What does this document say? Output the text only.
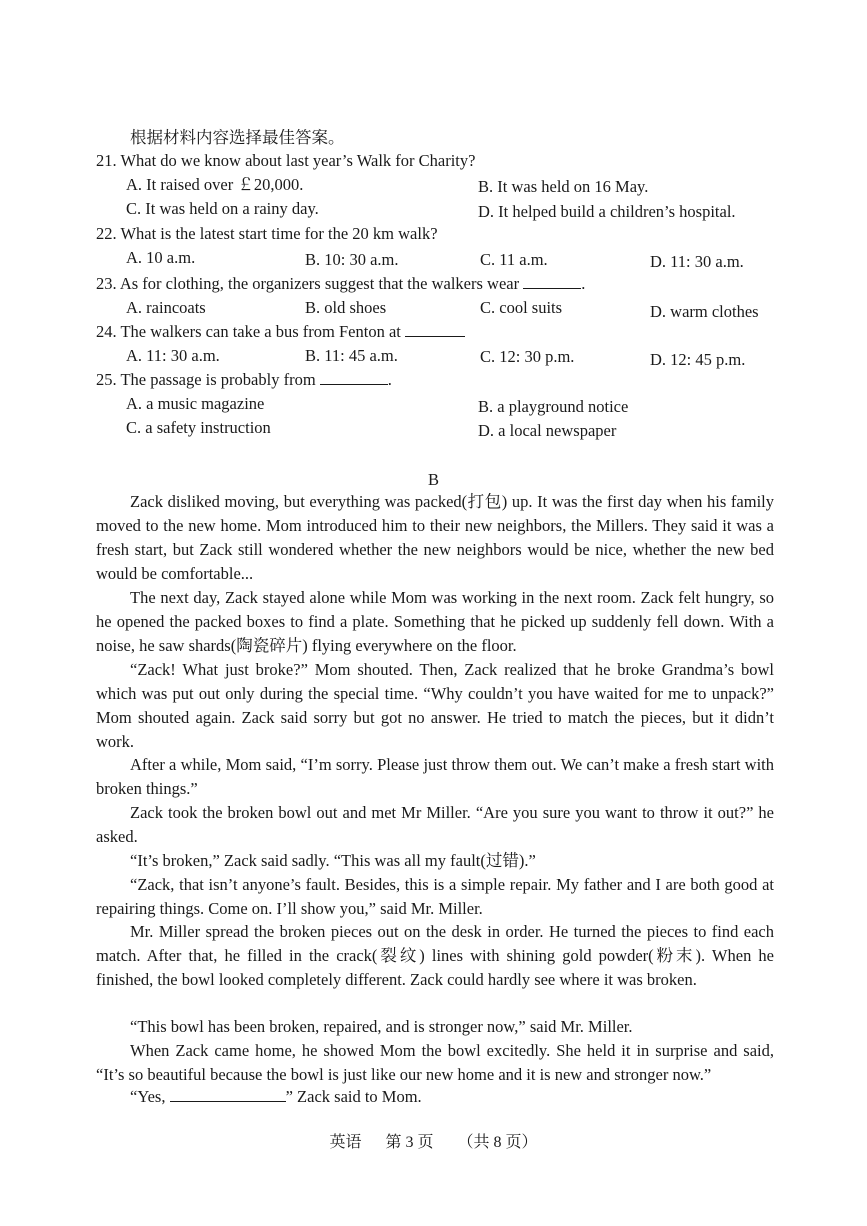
根据材料内容选择最佳答案。
21. What do we know about last year’s Walk for Charity?
A. It raised over ￡20,000.	B. It was held on 16 May.
C. It was held on a rainy day.	D. It helped build a children’s hospital.
22. What is the latest start time for the 20 km walk?
A. 10 a.m.	B. 10: 30 a.m.	C. 11 a.m.	D. 11: 30 a.m.
23. As for clothing, the organizers suggest that the walkers wear	.
A. raincoats	B. old shoes	C. cool suits	D. warm clothes
24. The walkers can take a bus from Fenton at
A. 11: 30 a.m.	B. 11: 45 a.m.	C. 12: 30 p.m.	D. 12: 45 p.m.
25. The passage is probably from	.
A. a music magazine	B. a playground notice
C. a safety instruction	D. a local newspaper
B

Zack disliked moving, but everything was packed(打包) up. It was the first day when his family moved to the new home. Mom introduced him to their new neighbors, the Millers. They said it was a fresh start, but Zack still wondered whether the new neighbors would be nice, whether the new bed would be comfortable...

The next day, Zack stayed alone while Mom was working in the next room. Zack felt hungry, so he opened the packed boxes to find a plate. Something that he picked up suddenly fell down. With a noise, he saw shards(陶瓷碎片) flying everywhere on the floor.

“Zack! What just broke?” Mom shouted. Then, Zack realized that he broke Grandma’s bowl which was put out only during the special time. “Why couldn’t you have waited for me to unpack?” Mom shouted again. Zack said sorry but got no answer. He tried to match the pieces, but it didn’t work.

After a while, Mom said, “I’m sorry. Please just throw them out. We can’t make a fresh start with broken things.”

Zack took the broken bowl out and met Mr Miller. “Are you sure you want to throw it out?” he asked.

“It’s broken,” Zack said sadly. “This was all my fault(过错).”

“Zack, that isn’t anyone’s fault. Besides, this is a simple repair. My father and I are both good at repairing things. Come on. I’ll show you,” said Mr. Miller.

Mr. Miller spread the broken pieces out on the desk in order. He turned the pieces to find each match. After that, he filled in the crack(裂纹) lines with shining gold powder(粉末). When he finished, the bowl looked completely different. Zack could hardly see where it was broken.

“This bowl has been broken, repaired, and is stronger now,” said Mr. Miller.

When Zack came home, he showed Mom the bowl excitedly. She held it in surprise and said, “It’s so beautiful because the bowl is just like our new home and it is new and stronger now.”

“Yes,	” Zack said to Mom.
英语 第 3 页 （共 8 页）
